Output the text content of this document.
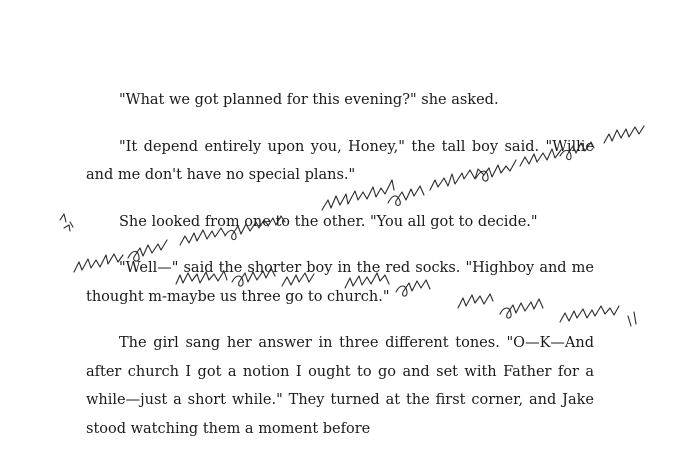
"What we got planned for this evening?" she asked.

"It depend entirely upon you, Honey," the tall boy said. "Willie and me don't have no special plans."

She looked from one to the other. "You all got to decide."

"Well—" said the shorter boy in the red socks. "Highboy and me thought m-maybe us three go to church."

The girl sang her answer in three different tones. "O—K—And after church I got a notion I ought to go and set with Father for a while—just a short while." They turned at the first corner, and Jake stood watching them a moment before
